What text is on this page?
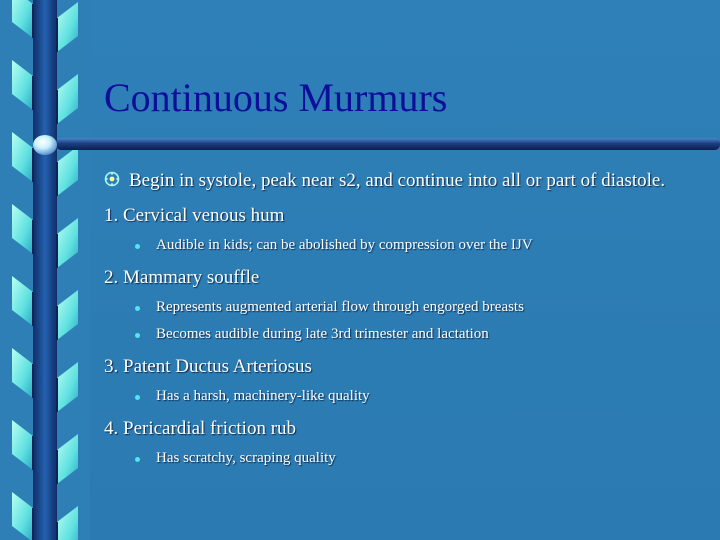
Continuous Murmurs

Begin in systole, peak near s2, and continue into all or part of diastole.

1. Cervical venous hum
Audible in kids; can be abolished by compression over the IJV
2. Mammary souffle
Represents augmented arterial flow through engorged breasts
Becomes audible during late 3rd trimester and lactation
3. Patent Ductus Arteriosus
Has a harsh, machinery-like quality
4. Pericardial friction rub
Has scratchy, scraping quality
